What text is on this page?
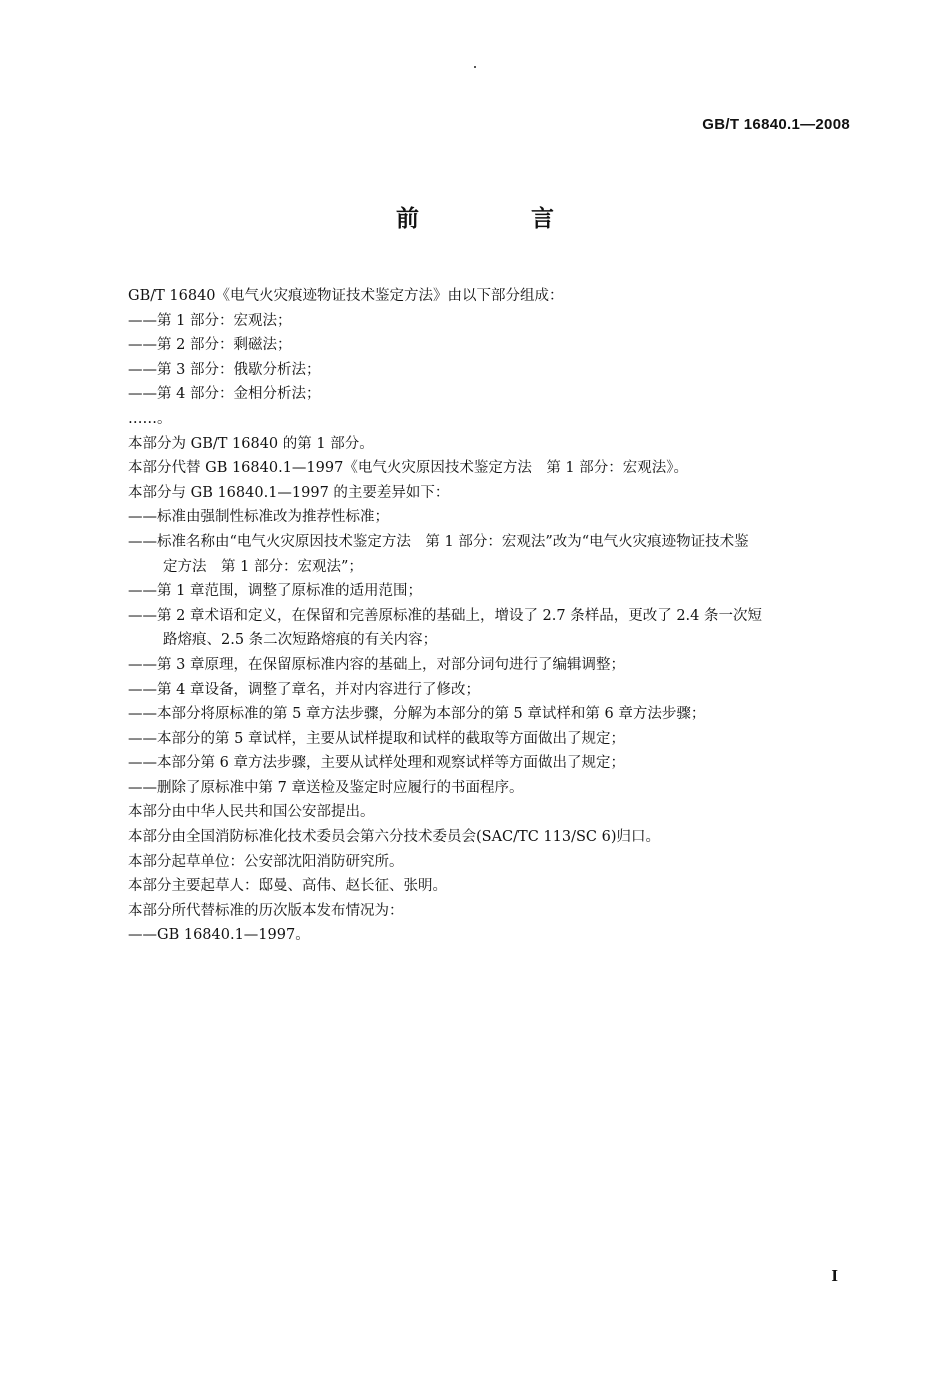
GB/T 16840.1—2008
前 言
GB/T 16840《电气火灾痕迹物证技术鉴定方法》由以下部分组成：
——第 1 部分：宏观法；
——第 2 部分：剩磁法；
——第 3 部分：俄歇分析法；
——第 4 部分：金相分析法；
……。
本部分为 GB/T 16840 的第 1 部分。
本部分代替 GB 16840.1—1997《电气火灾原因技术鉴定方法　第 1 部分：宏观法》。
本部分与 GB 16840.1—1997 的主要差异如下：
——标准由强制性标准改为推荐性标准；
——标准名称由“电气火灾原因技术鉴定方法　第 1 部分：宏观法”改为“电气火灾痕迹物证技术鉴
定方法　第 1 部分：宏观法”；
——第 1 章范围，调整了原标准的适用范围；
——第 2 章术语和定义，在保留和完善原标准的基础上，增设了 2.7 条样品，更改了 2.4 条一次短
路熔痕、2.5 条二次短路熔痕的有关内容；
——第 3 章原理，在保留原标准内容的基础上，对部分词句进行了编辑调整；
——第 4 章设备，调整了章名，并对内容进行了修改；
——本部分将原标准的第 5 章方法步骤，分解为本部分的第 5 章试样和第 6 章方法步骤；
——本部分的第 5 章试样，主要从试样提取和试样的截取等方面做出了规定；
——本部分第 6 章方法步骤，主要从试样处理和观察试样等方面做出了规定；
——删除了原标准中第 7 章送检及鉴定时应履行的书面程序。
本部分由中华人民共和国公安部提出。
本部分由全国消防标准化技术委员会第六分技术委员会(SAC/TC 113/SC 6)归口。
本部分起草单位：公安部沈阳消防研究所。
本部分主要起草人：邸曼、高伟、赵长征、张明。
本部分所代替标准的历次版本发布情况为：
——GB 16840.1—1997。
I
